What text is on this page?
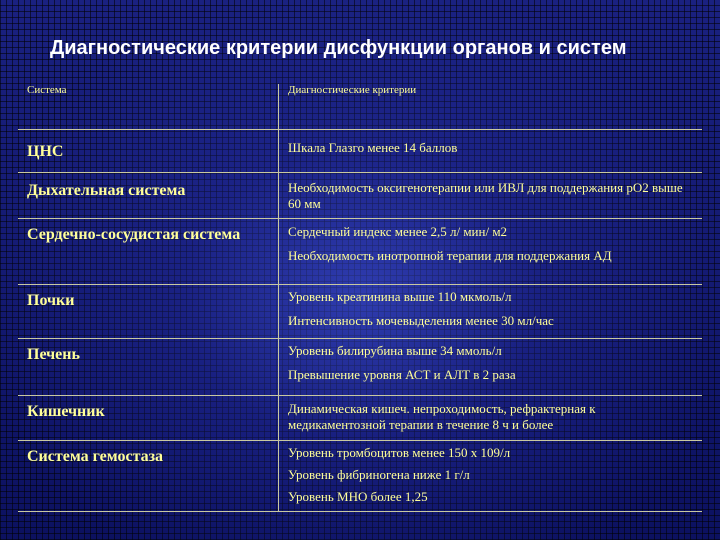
Диагностические критерии дисфункции органов и систем
Система	Диагностические критерии
ЦНС	Шкала Глазго менее 14 баллов

Дыхательная система	Необходимость оксигенотерапии или ИВЛ для поддержания рО2 выше 60 мм

Сердечно-сосудистая система	Сердечный индекс менее 2,5 л/ мин/ м2
Необходимость инотропной терапии для поддержания АД

Почки	Уровень креатинина выше 110 мкмоль/л
Интенсивность мочевыделения менее 30 мл/час

Печень	Уровень билирубина выше 34 ммоль/л
Превышение уровня АСТ и АЛТ в 2 раза

Кишечник	Динамическая кишеч. непроходимость, рефрактерная к медикаментозной терапии в течение 8 ч и более

Система гемостаза	Уровень тромбоцитов менее 150 х 109/л
Уровень фибриногена ниже 1 г/л
Уровень МНО более 1,25
